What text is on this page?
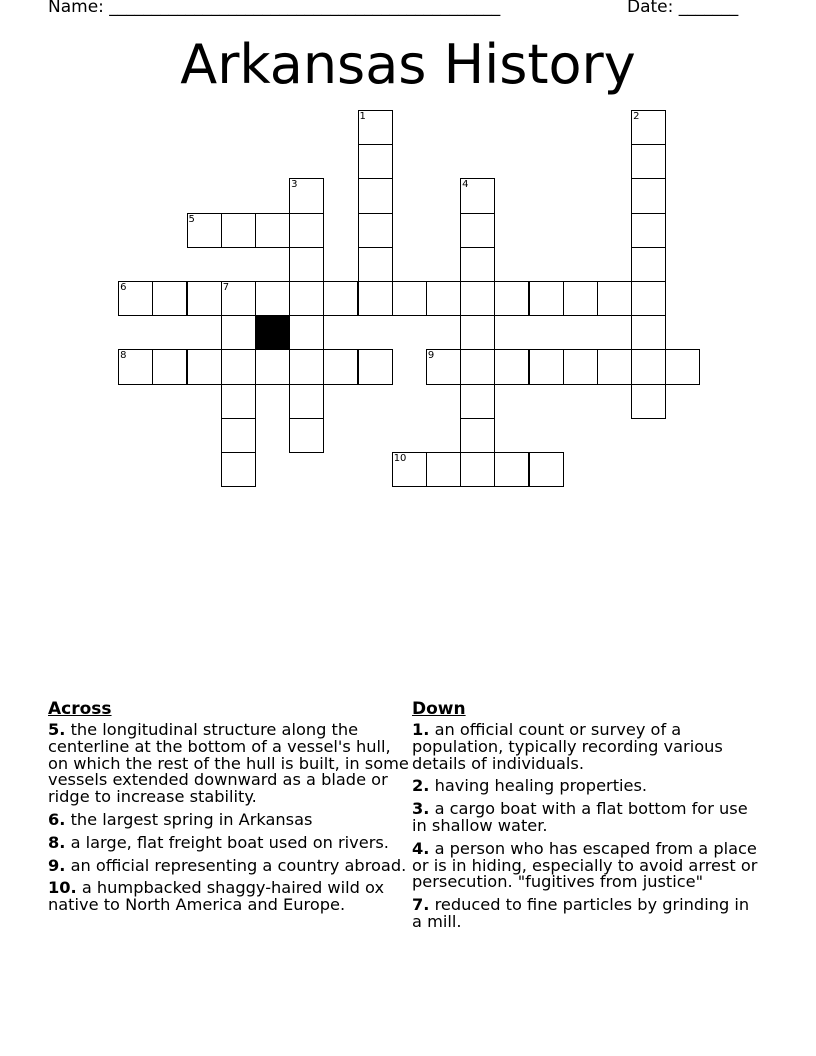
Name: ______________________________________________	Date: _______
Arkansas History
5
6	7
8	9
10
1	2
3	4
Across
5. the longitudinal structure along the centerline at the bottom of a vessel's hull, on which the rest of the hull is built, in some vessels extended downward as a blade or ridge to increase stability.
6. the largest spring in Arkansas
8. a large, flat freight boat used on rivers.
9. an official representing a country abroad.
10. a humpbacked shaggy-haired wild ox native to North America and Europe.
Down
1. an official count or survey of a population, typically recording various details of individuals.
2. having healing properties.
3. a cargo boat with a flat bottom for use in shallow water.
4. a person who has escaped from a place or is in hiding, especially to avoid arrest or persecution. "fugitives from justice"
7. reduced to fine particles by grinding in a mill.
